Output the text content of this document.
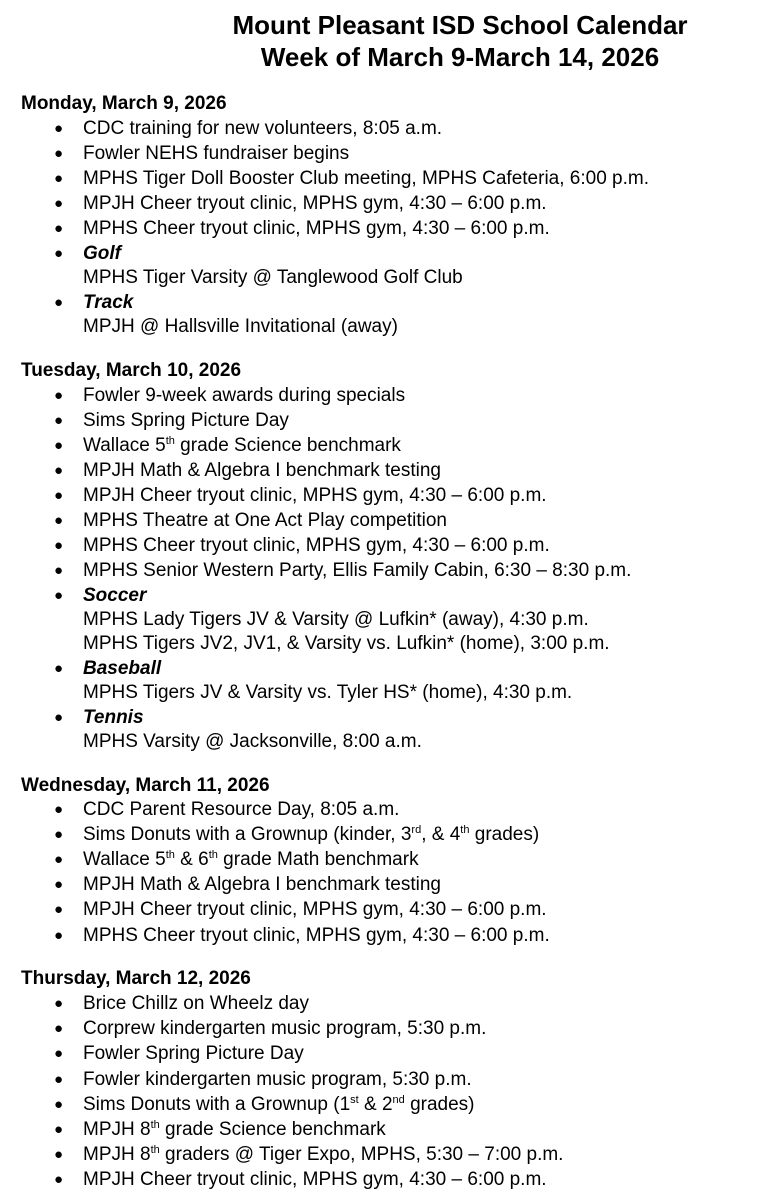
Mount Pleasant ISD School Calendar
Week of March 9-March 14, 2026
Monday, March 9, 2026
● CDC training for new volunteers, 8:05 a.m.
● Fowler NEHS fundraiser begins
● MPHS Tiger Doll Booster Club meeting, MPHS Cafeteria, 6:00 p.m.
● MPJH Cheer tryout clinic, MPHS gym, 4:30 – 6:00 p.m.
● MPHS Cheer tryout clinic, MPHS gym, 4:30 – 6:00 p.m.
● Golf
MPHS Tiger Varsity @ Tanglewood Golf Club
● Track
MPJH @ Hallsville Invitational (away)
Tuesday, March 10, 2026
● Fowler 9-week awards during specials
● Sims Spring Picture Day
● Wallace 5th grade Science benchmark
● MPJH Math & Algebra I benchmark testing
● MPJH Cheer tryout clinic, MPHS gym, 4:30 – 6:00 p.m.
● MPHS Theatre at One Act Play competition
● MPHS Cheer tryout clinic, MPHS gym, 4:30 – 6:00 p.m.
● MPHS Senior Western Party, Ellis Family Cabin, 6:30 – 8:30 p.m.
● Soccer
MPHS Lady Tigers JV & Varsity @ Lufkin* (away), 4:30 p.m.
MPHS Tigers JV2, JV1, & Varsity vs. Lufkin* (home), 3:00 p.m.
● Baseball
MPHS Tigers JV & Varsity vs. Tyler HS* (home), 4:30 p.m.
● Tennis
MPHS Varsity @ Jacksonville, 8:00 a.m.
Wednesday, March 11, 2026
● CDC Parent Resource Day, 8:05 a.m.
● Sims Donuts with a Grownup (kinder, 3rd, & 4th grades)
● Wallace 5th & 6th grade Math benchmark
● MPJH Math & Algebra I benchmark testing
● MPJH Cheer tryout clinic, MPHS gym, 4:30 – 6:00 p.m.
● MPHS Cheer tryout clinic, MPHS gym, 4:30 – 6:00 p.m.
Thursday, March 12, 2026
● Brice Chillz on Wheelz day
● Corprew kindergarten music program, 5:30 p.m.
● Fowler Spring Picture Day
● Fowler kindergarten music program, 5:30 p.m.
● Sims Donuts with a Grownup (1st & 2nd grades)
● MPJH 8th grade Science benchmark
● MPJH 8th graders @ Tiger Expo, MPHS, 5:30 – 7:00 p.m.
● MPJH Cheer tryout clinic, MPHS gym, 4:30 – 6:00 p.m.
